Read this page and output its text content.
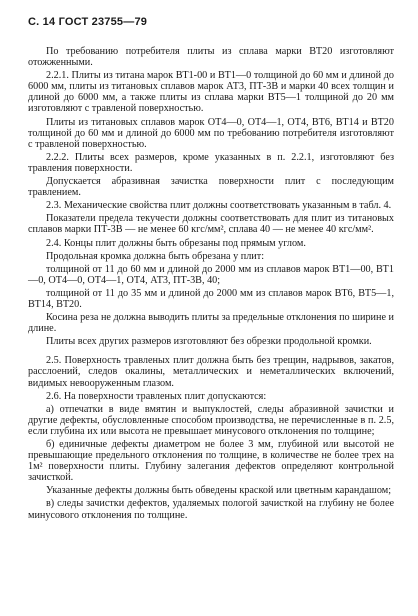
С. 14 ГОСТ 23755—79

По требованию потребителя плиты из сплава марки ВТ20 изготовляют отожженными.

2.2.1. Плиты из титана марок ВТ1-00 и ВТ1—0 толщиной до 60 мм и длиной до 6000 мм, плиты из титановых сплавов марок АТ3, ПТ-3В и марки 40 всех толщин и длиной до 6000 мм, а также плиты из сплава марки ВТ5—1 толщиной до 20 мм изготовляют с травленой поверхностью.

Плиты из титановых сплавов марок ОТ4—0, ОТ4—1, ОТ4, ВТ6, ВТ14 и ВТ20 толщиной до 60 мм и длиной до 6000 мм по требованию потребителя изготовляют с травленой поверхностью.

2.2.2. Плиты всех размеров, кроме указанных в п. 2.2.1, изготовляют без травления поверхности.

Допускается абразивная зачистка поверхности плит с последующим травлением.

2.3. Механические свойства плит должны соответствовать указанным в табл. 4.

Показатели предела текучести должны соответствовать для плит из титановых сплавов марки ПТ-3В — не менее 60 кгс/мм², сплава 40 — не менее 40 кгс/мм².

2.4. Концы плит должны быть обрезаны под прямым углом.

Продольная кромка должна быть обрезана у плит:

толщиной от 11 до 60 мм и длиной до 2000 мм из сплавов марок ВТ1—00, ВТ1—0, ОТ4—0, ОТ4—1, ОТ4, АТ3, ПТ-3В, 40;

толщиной от 11 до 35 мм и длиной до 2000 мм из сплавов марок ВТ6, ВТ5—1, ВТ14, ВТ20.

Косина реза не должна выводить плиты за предельные отклонения по ширине и длине.

Плиты всех других размеров изготовляют без обрезки продольной кромки.

2.5. Поверхность травленых плит должна быть без трещин, надрывов, закатов, расслоений, следов окалины, металлических и неметаллических включений, видимых невооруженным глазом.

2.6. На поверхности травленых плит допускаются:

а) отпечатки в виде вмятин и выпуклостей, следы абразивной зачистки и другие дефекты, обусловленные способом производства, не перечисленные в п. 2.5, если глубина их или высота не превышает минусового отклонения по толщине;

б) единичные дефекты диаметром не более 3 мм, глубиной или высотой не превышающие предельного отклонения по толщине, в количестве не более трех на 1м² поверхности плиты. Глубину залегания дефектов определяют контрольной зачисткой.

Указанные дефекты должны быть обведены краской или цветным карандашом;

в) следы зачистки дефектов, удаляемых пологой зачисткой на глубину не более минусового отклонения по толщине.
